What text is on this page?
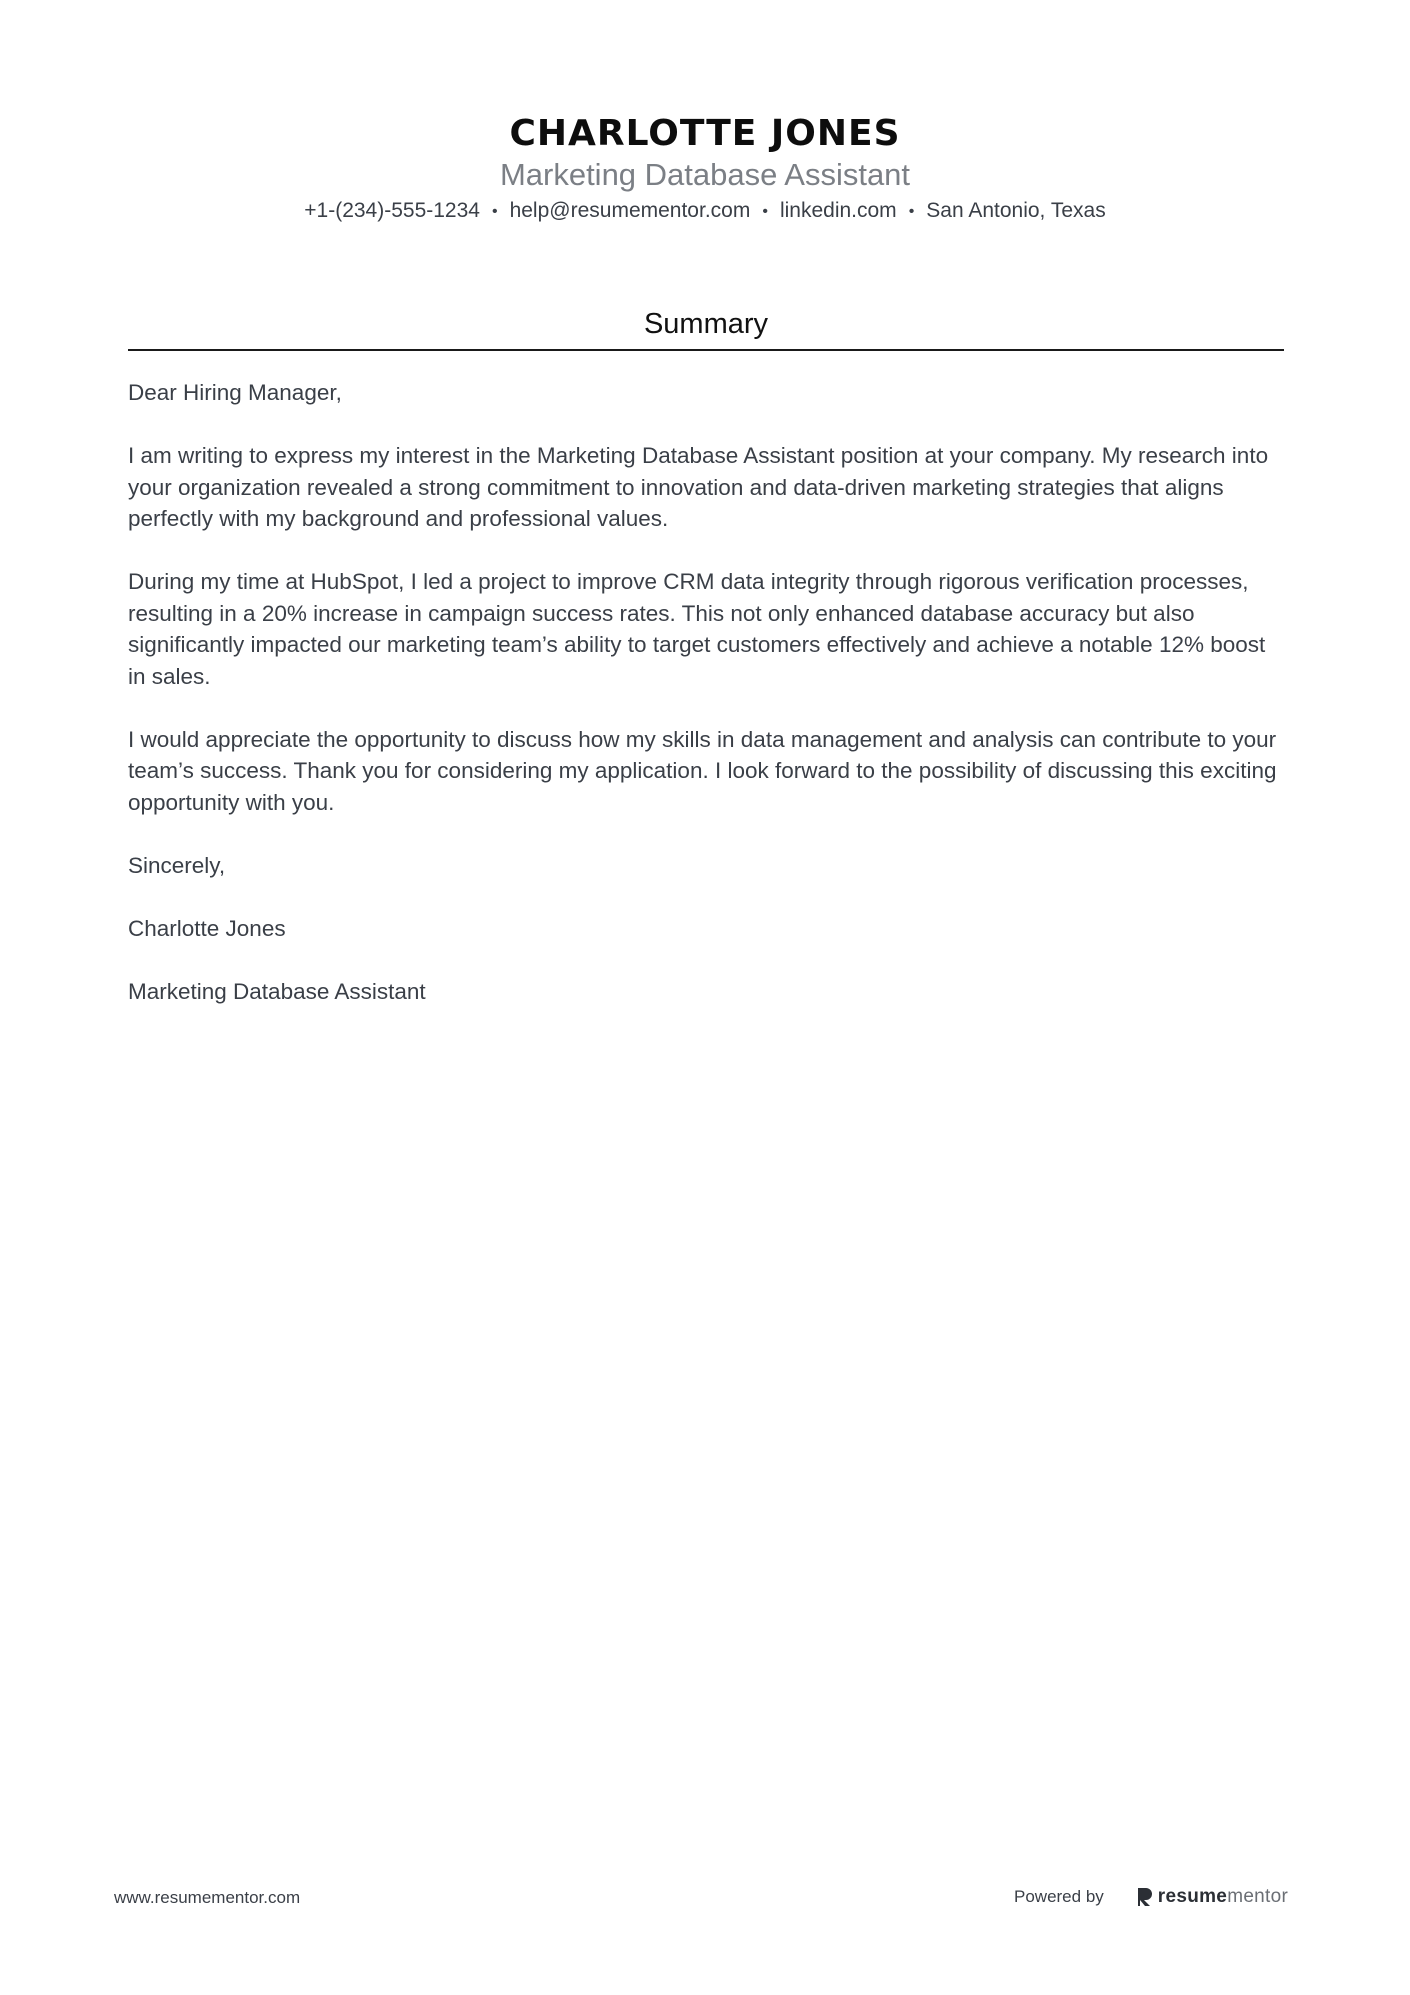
CHARLOTTE JONES
Marketing Database Assistant
+1-(234)-555-1234 • help@resumementor.com • linkedin.com • San Antonio, Texas
Summary

Dear Hiring Manager,

I am writing to express my interest in the Marketing Database Assistant position at your company. My research into your organization revealed a strong commitment to innovation and data-driven marketing strategies that aligns perfectly with my background and professional values.

During my time at HubSpot, I led a project to improve CRM data integrity through rigorous verification processes, resulting in a 20% increase in campaign success rates. This not only enhanced database accuracy but also significantly impacted our marketing team’s ability to target customers effectively and achieve a notable 12% boost in sales.

I would appreciate the opportunity to discuss how my skills in data management and analysis can contribute to your team’s success. Thank you for considering my application. I look forward to the possibility of discussing this exciting opportunity with you.

Sincerely,

Charlotte Jones

Marketing Database Assistant

www.resumementor.com	Powered by	resume mentor
